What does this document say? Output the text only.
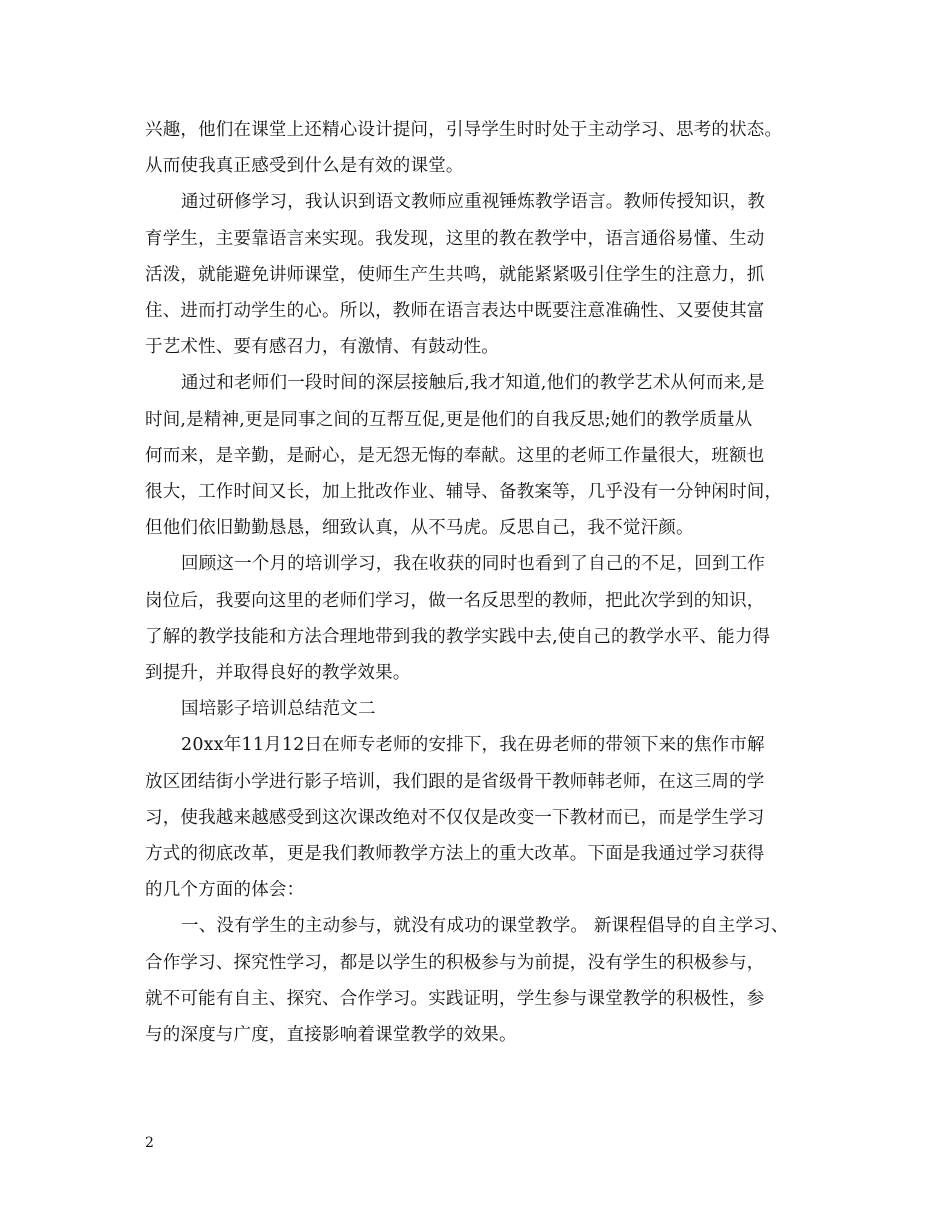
兴趣，他们在课堂上还精心设计提问，引导学生时时处于主动学习、思考的状态。
从而使我真正感受到什么是有效的课堂。
通过研修学习，我认识到语文教师应重视锤炼教学语言。教师传授知识，教
育学生，主要靠语言来实现。我发现，这里的教在教学中，语言通俗易懂、生动
活泼，就能避免讲师课堂，使师生产生共鸣，就能紧紧吸引住学生的注意力，抓
住、进而打动学生的心。所以，教师在语言表达中既要注意准确性、又要使其富
于艺术性、要有感召力，有激情、有鼓动性。
通过和老师们一段时间的深层接触后,我才知道,他们的教学艺术从何而来,是
时间,是精神,更是同事之间的互帮互促,更是他们的自我反思;她们的教学质量从
何而来，是辛勤，是耐心，是无怨无悔的奉献。这里的老师工作量很大，班额也
很大，工作时间又长，加上批改作业、辅导、备教案等，几乎没有一分钟闲时间，
但他们依旧勤勤恳恳，细致认真，从不马虎。反思自己，我不觉汗颜。
回顾这一个月的培训学习，我在收获的同时也看到了自己的不足，回到工作
岗位后，我要向这里的老师们学习，做一名反思型的教师，把此次学到的知识，
了解的教学技能和方法合理地带到我的教学实践中去,使自己的教学水平、能力得
到提升，并取得良好的教学效果。
国培影子培训总结范文二
20xx年11月12日在师专老师的安排下，我在毋老师的带领下来的焦作市解
放区团结街小学进行影子培训，我们跟的是省级骨干教师韩老师，在这三周的学
习，使我越来越感受到这次课改绝对不仅仅是改变一下教材而已，而是学生学习
方式的彻底改革，更是我们教师教学方法上的重大改革。下面是我通过学习获得
的几个方面的体会：
一、没有学生的主动参与，就没有成功的课堂教学。 新课程倡导的自主学习、
合作学习、探究性学习，都是以学生的积极参与为前提，没有学生的积极参与，
就不可能有自主、探究、合作学习。实践证明，学生参与课堂教学的积极性，参
与的深度与广度，直接影响着课堂教学的效果。
2
